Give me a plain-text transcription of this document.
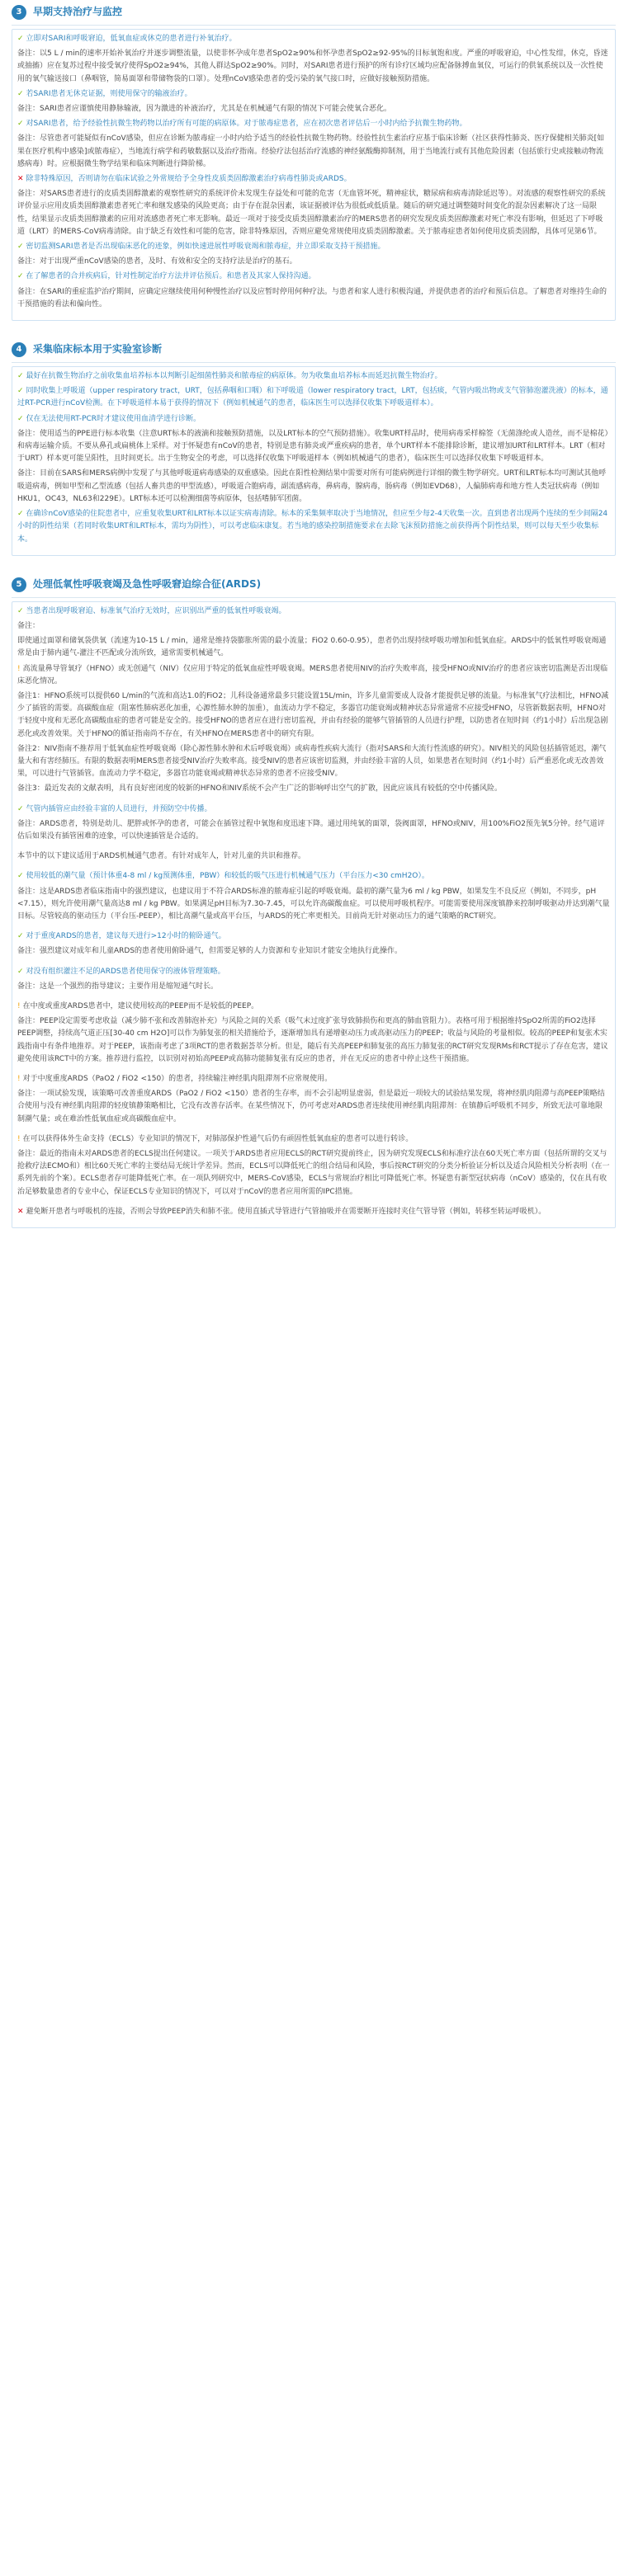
3	早期支持治疗与监控

✓ 立即对SARI和呼吸窘迫，低氧血症或休克的患者进行补氧治疗。

备注：以5 L / min的速率开始补氧治疗并逐步调整流量，以使非怀孕成年患者SpO2≥90%和怀孕患者SpO2≥92-95%的目标氧饱和度。严重的呼吸窘迫，中心性发绀，休克，昏迷或抽搐）应在复苏过程中接受氧疗使得SpO2≥94%，其他人群达SpO2≥90%。同时，对SARI患者进行预护的所有诊疗区域均应配备脉搏血氧仪，可运行的供氧系统以及一次性使用的氧气输送接口（鼻咽管，简易面罩和带储物袋的口罩）。处理nCoV感染患者的受污染的氧气接口时，应做好接触预防措施。

✓ 若SARI患者无休克证据，则使用保守的输液治疗。

备注：SARI患者应谨慎使用静脉输液，因为激进的补液治疗，尤其是在机械通气有限的情况下可能会使氧合恶化。

✓ 对SARI患者，给予经验性抗微生物药物以治疗所有可能的病原体。对于脓毒症患者，应在初次患者评估后一小时内给予抗微生物药物。

备注：尽管患者可能疑似有nCoV感染，但应在诊断为脓毒症一小时内给予适当的经验性抗微生物药物。经验性抗生素治疗应基于临床诊断（社区获得性肺炎、医疗保健相关肺炎[如果在医疗机构中感染]或脓毒症），当地流行病学和药敏数据以及治疗指南。经验疗法包括治疗流感的神经氨酸酶抑制剂，用于当地流行或有其他危险因素（包括旅行史或接触动物流感病毒）时。应根据微生物学结果和临床判断进行降阶梯。

✕ 除非特殊原因，否则请勿在临床试验之外常规给予全身性皮质类固醇激素治疗病毒性肺炎或ARDS。

备注：对SARS患者进行的皮质类固醇激素的观察性研究的系统评价未发现生存益处和可能的危害（无血管坏死，精神症状，糖尿病和病毒清除延迟等）。对流感的观察性研究的系统评价显示应用皮质类固醇激素患者死亡率和继发感染的风险更高；由于存在混杂因素，该证据被评估为很低或低质量。随后的研究通过调整随时间变化的混杂因素解决了这一局限性，结果显示皮质类固醇激素的应用对流感患者死亡率无影响。最近一项对于接受皮质类固醇激素治疗的MERS患者的研究发现皮质类固醇激素对死亡率没有影响，但延迟了下呼吸道（LRT）的MERS-CoV病毒清除。由于缺乏有效性和可能的危害，除非特殊原因，否则应避免常规使用皮质类固醇激素。关于脓毒症患者如何使用皮质类固醇，具体可见第6节。

✓ 密切监测SARI患者是否出现临床恶化的迹象，例如快速进展性呼吸衰竭和脓毒症，并立即采取支持干预措施。

备注：对于出现严重nCoV感染的患者，及时、有效和安全的支持疗法是治疗的基石。

✓ 在了解患者的合并疾病后，针对性制定治疗方法并评估预后。和患者及其家人保持沟通。

备注：在SARI的重症监护治疗期间，应确定应继续使用何种慢性治疗以及应暂时停用何种疗法。与患者和家人进行积极沟通，并提供患者的治疗和预后信息。了解患者对维持生命的干预措施的看法和偏向性。

4	采集临床标本用于实验室诊断

✓ 最好在抗微生物治疗之前收集血培养标本以判断引起细菌性肺炎和脓毒症的病原体。勿为收集血培养标本而延迟抗微生物治疗。

✓ 同时收集上呼吸道（upper respiratory tract，URT，包括鼻咽和口咽）和下呼吸道（lower respiratory tract，LRT，包括痰，气管内吸出物或支气管肺泡灌洗液）的标本，通过RT-PCR进行nCoV检测。在下呼吸道样本易于获得的情况下（例如机械通气的患者，临床医生可以选择仅收集下呼吸道样本）。

✓ 仅在无法使用RT-PCR时才建议使用血清学进行诊断。

备注：使用适当的PPE进行标本收集（注意URT标本的液滴和接触预防措施，以及LRT标本的空气预防措施）。收集URT样品时，使用病毒采样棉签（无菌涤纶或人造丝，而不是棉花）和病毒运输介质。不要从鼻孔或扁桃体上采样。对于怀疑患有nCoV的患者，特别是患有肺炎或严重疾病的患者，单个URT样本不能排除诊断，建议增加URT和LRT样本。LRT（相对于URT）样本更可能呈阳性，且时间更长。出于生物安全的考虑，可以选择仅收集下呼吸道样本（例如机械通气的患者），临床医生可以选择仅收集下呼吸道样本。

备注：目前在SARS和MERS病例中发现了与其他呼吸道病毒感染的双重感染。因此在阳性检测结果中需要对所有可能病例进行详细的微生物学研究。URT和LRT标本均可测试其他呼吸道病毒，例如甲型和乙型流感（包括人畜共患的甲型流感），呼吸道合胞病毒，副流感病毒，鼻病毒，腺病毒，肠病毒（例如EVD68），人偏肺病毒和地方性人类冠状病毒（例如HKU1，OC43，NL63和229E）。LRT标本还可以检测细菌等病原体，包括嗜肺军团菌。

✓ 在确诊nCoV感染的住院患者中，应重复收集URT和LRT标本以证实病毒清除。标本的采集频率取决于当地情况，但应至少每2-4天收集一次。直到患者出现两个连续的至少间隔24小时的阴性结果（若同时收集URT和LRT标本，需均为阴性），可以考虑临床康复。若当地的感染控制措施要求在去除飞沫预防措施之前获得两个阴性结果，则可以每天至少收集标本。

5	处理低氧性呼吸衰竭及急性呼吸窘迫综合征(ARDS)

✓ 当患者出现呼吸窘迫、标准氧气治疗无效时，应识别出严重的低氧性呼吸衰竭。

备注：

即使通过面罩和储氧袋供氧（流速为10-15 L / min，通常是维持袋膨胀所需的最小流量；FiO2 0.60-0.95），患者仍出现持续呼吸功增加和低氧血症。ARDS中的低氧性呼吸衰竭通常是由于肺内通气-灌注不匹配或分流所致，通常需要机械通气。

! 高流量鼻导管氧疗（HFNO）或无创通气（NIV）仅应用于特定的低氧血症性呼吸衰竭。MERS患者使用NIV的治疗失败率高，接受HFNO或NIV治疗的患者应该密切监测是否出现临床恶化情况。

备注1：HFNO系统可以提供60 L/min的气流和高达1.0的FiO2；儿科设备通常最多只能设置15L/min，许多儿童需要成人设备才能提供足够的流量。与标准氧气疗法相比，HFNO减少了插管的需要。高碳酸血症（阻塞性肺病恶化加重，心源性肺水肿的加重），血流动力学不稳定，多器官功能衰竭或精神状态异常通常不应接受HFNO，尽管新数据表明，HFNO对于轻度中度和无恶化高碳酸血症的患者可能是安全的。接受HFNO的患者应在进行密切监视，并由有经验的能够气管插管的人员进行护理，以防患者在短时间（约1小时）后出现急剧恶化或改善效果。关于HFNO的循证指南尚不存在，有关HFNO在MERS患者中的研究有限。

备注2：NIV指南不推荐用于低氧血症性呼吸衰竭（除心源性肺水肿和术后呼吸衰竭）或病毒性疾病大流行（指对SARS和大流行性流感的研究）。NIV相关的风险包括插管延迟，潮气量大和有害经肺压。有限的数据表明MERS患者接受NIV治疗失败率高。接受NIV的患者应该密切监测，并由经验丰富的人员，如果患者在短时间（约1小时）后严重恶化或无改善效果，可以进行气管插管。血流动力学不稳定，多器官功能衰竭或精神状态异常的患者不应接受NIV。

备注3：最近发表的文献表明，具有良好密闭度的较新的HFNO和NIV系统不会产生广泛的影响呼出空气的扩散，因此应该具有较低的空中传播风险。

✓ 气管内插管应由经验丰富的人员进行，并预防空中传播。

备注：ARDS患者，特别是幼儿、肥胖或怀孕的患者，可能会在插管过程中氧饱和度迅速下降。通过用纯氧的面罩，袋阀面罩，HFNO或NIV，用100%FiO2预先氧5分钟。经气道评估后如果没有插管困难的迹象，可以快速插管是合适的。

本节中的以下建议适用于ARDS机械通气患者。有针对成年人，针对儿童的共识和推荐。

✓ 使用较低的潮气量（预计体重4-8 ml / kg预测体重，PBW）和较低的吸气压进行机械通气压力（平台压力<30 cmH2O）。

备注：这是ARDS患者临床指南中的强烈建议，也建议用于不符合ARDS标准的脓毒症引起的呼吸衰竭。最初的潮气量为6 ml / kg PBW，如果发生不良反应（例如，不同步，pH <7.15），则允许使用潮气量高达8 ml / kg PBW。如果满足pH目标为7.30-7.45，可以允许高碳酸血症。可以使用呼吸机程序。可能需要使用深度镇静来控制呼吸驱动并达到潮气量目标。尽管较高的驱动压力（平台压-PEEP），相比高潮气量或高平台压，与ARDS的死亡率更相关。目前尚无针对驱动压力的通气策略的RCT研究。

✓ 对于重度ARDS的患者，建议每天进行>12小时的俯卧通气。

备注：强烈建议对成年和儿童ARDS的患者使用俯卧通气，但需要足够的人力资源和专业知识才能安全地执行此操作。

✓ 对没有组织灌注不足的ARDS患者使用保守的液体管理策略。

备注：这是一个强烈的指导建议；主要作用是缩短通气时长。

! 在中度或重度ARDS患者中，建议使用较高的PEEP而不是较低的PEEP。

备注：PEEP设定需要考虑收益（减少肺不张和改善肺泡补充）与风险之间的关系（吸气末过度扩张导致肺损伤和更高的肺血管阻力）。表格可用于根据维持SpO2所需的FiO2选择PEEP调整，持续高气道正压[30-40 cm H2O]可以作为肺复张的相关措施给予，逐渐增加具有递增驱动压力或高驱动压力的PEEP；收益与风险的考量相似。较高的PEEP和复张术实践指南中有条件地推荐。对于PEEP，该指南考虑了3项RCT的患者数据荟萃分析。但是，随后有关高PEEP和肺复张的高压力肺复张的RCT研究发现RMs和RCT提示了存在危害，建议避免使用该RCT中的方案。推荐进行监控，以识别对初始高PEEP或高肺功能肺复张有反应的患者，并在无反应的患者中停止这些干预措施。

! 对于中度重度ARDS（PaO2 / FiO2 <150）的患者，持续输注神经肌肉阻滞剂不应常规使用。

备注：一项试验发现，该策略可改善重度ARDS（PaO2 / FiO2 <150）患者的生存率，而不会引起明显虚弱，但是最近一项较大的试验结果发现，将神经肌肉阻滞与高PEEP策略结合使用与没有神经肌肉阻滞的轻度镇静策略相比，它没有改善存活率。在某些情况下，仍可考虑对ARDS患者连续使用神经肌肉阻滞剂：在镇静后呼吸机不同步，所致无法可靠地限制潮气量；或在难治性低氧血症或高碳酸血症中。

! 在可以获得体外生命支持（ECLS）专业知识的情况下，对肺部保护性通气后仍有顽固性低氧血症的患者可以进行转诊。

备注：最近的指南未对ARDS患者的ECLS提出任何建议。一项关于ARDS患者应用ECLS的RCT研究提前终止，因为研究发现ECLS和标准疗法在60天死亡率方面（包括所谓的交叉与抢救疗法ECMO和）相比60天死亡率的主要结局无统计学差异。然而，ECLS可以降低死亡的组合结局和风险，事后按RCT研究的分类分析验证分析以及适合风险相关分析表明（在一系列先前的个案）。ECLS患者存可能降低死亡率。在一项队列研究中，MERS-CoV感染，ECLS与常规治疗相比可降低死亡率。怀疑患有新型冠状病毒（nCoV）感染的，仅在具有收治足够数量患者的专业中心，保证ECLS专业知识的情况下，可以对于nCoV的患者应用所需的IPC措施。

✕ 避免断开患者与呼吸机的连接，否则会导致PEEP消失和肺不张。使用直插式导管进行气管抽吸并在需要断开连接时夹住气管导管（例如，转移至转运呼吸机）。
